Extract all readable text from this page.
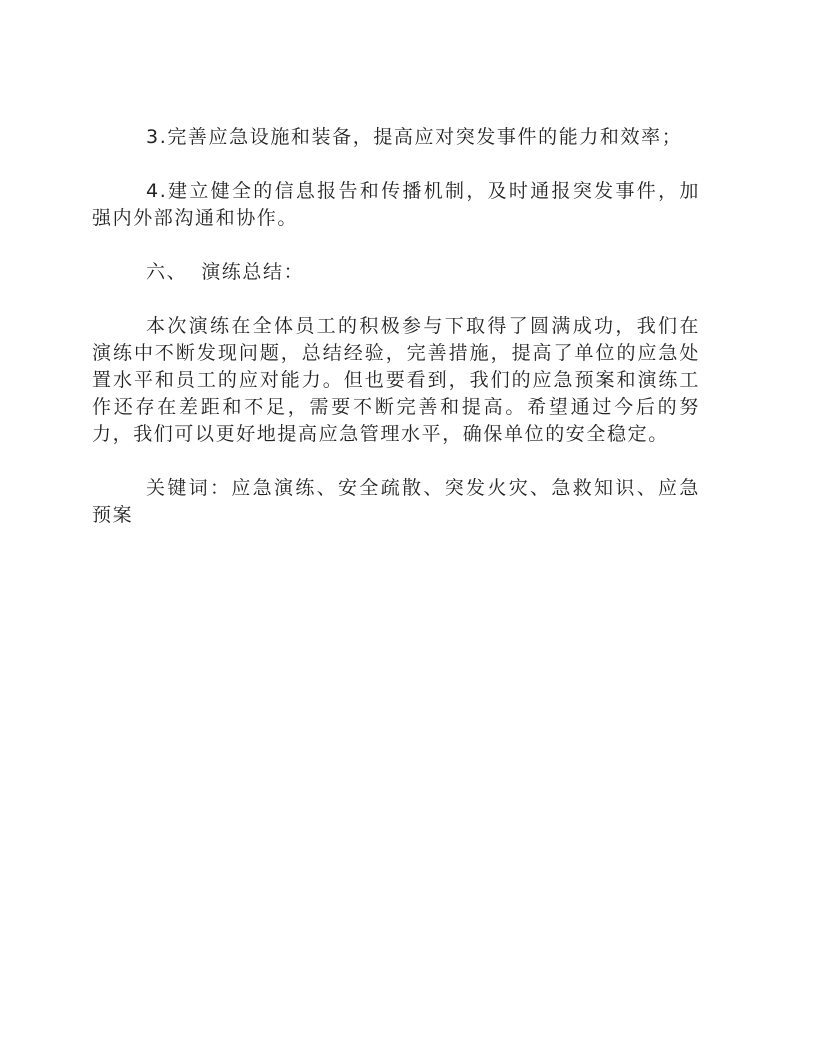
3.完善应急设施和装备，提高应对突发事件的能力和效率；

4.建立健全的信息报告和传播机制，及时通报突发事件，加强内外部沟通和协作。

六、 演练总结：

本次演练在全体员工的积极参与下取得了圆满成功，我们在演练中不断发现问题，总结经验，完善措施，提高了单位的应急处置水平和员工的应对能力。但也要看到，我们的应急预案和演练工作还存在差距和不足，需要不断完善和提高。希望通过今后的努力，我们可以更好地提高应急管理水平，确保单位的安全稳定。

关键词：应急演练、安全疏散、突发火灾、急救知识、应急预案
